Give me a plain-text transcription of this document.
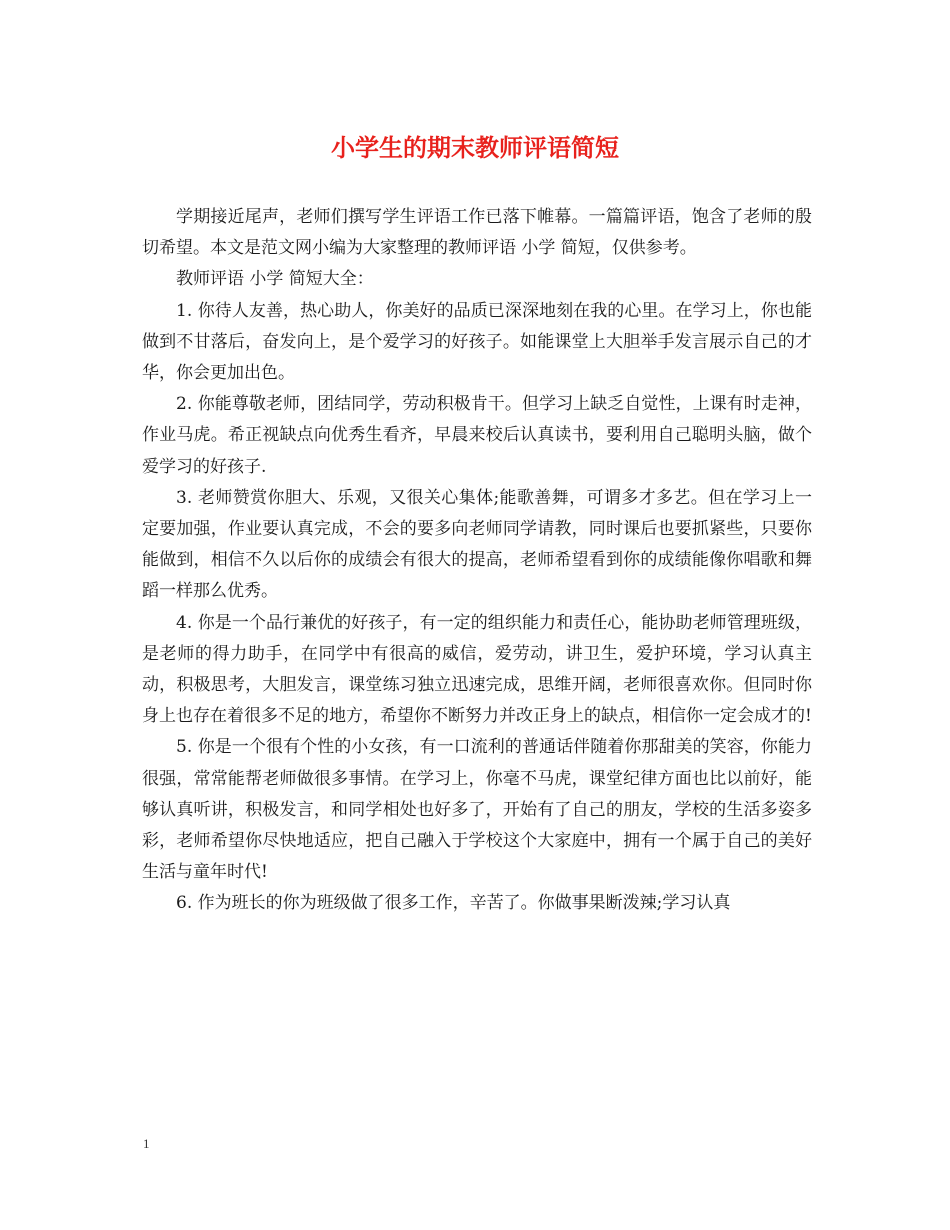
小学生的期末教师评语简短

学期接近尾声，老师们撰写学生评语工作已落下帷幕。一篇篇评语，饱含了老师的殷切希望。本文是范文网小编为大家整理的教师评语 小学 简短，仅供参考。

教师评语 小学 简短大全：

1. 你待人友善，热心助人，你美好的品质已深深地刻在我的心里。在学习上，你也能做到不甘落后，奋发向上，是个爱学习的好孩子。如能课堂上大胆举手发言展示自己的才华，你会更加出色。

2. 你能尊敬老师，团结同学，劳动积极肯干。但学习上缺乏自觉性，上课有时走神，作业马虎。希正视缺点向优秀生看齐，早晨来校后认真读书，要利用自己聪明头脑，做个爱学习的好孩子.

3. 老师赞赏你胆大、乐观，又很关心集体;能歌善舞，可谓多才多艺。但在学习上一定要加强，作业要认真完成，不会的要多向老师同学请教，同时课后也要抓紧些，只要你能做到，相信不久以后你的成绩会有很大的提高，老师希望看到你的成绩能像你唱歌和舞蹈一样那么优秀。

4. 你是一个品行兼优的好孩子，有一定的组织能力和责任心，能协助老师管理班级，是老师的得力助手，在同学中有很高的威信，爱劳动，讲卫生，爱护环境，学习认真主动，积极思考，大胆发言，课堂练习独立迅速完成，思维开阔，老师很喜欢你。但同时你身上也存在着很多不足的地方，希望你不断努力并改正身上的缺点，相信你一定会成才的!

5. 你是一个很有个性的小女孩，有一口流利的普通话伴随着你那甜美的笑容，你能力很强，常常能帮老师做很多事情。在学习上，你毫不马虎，课堂纪律方面也比以前好，能够认真听讲，积极发言，和同学相处也好多了，开始有了自己的朋友，学校的生活多姿多彩，老师希望你尽快地适应，把自己融入于学校这个大家庭中，拥有一个属于自己的美好生活与童年时代!

6. 作为班长的你为班级做了很多工作，辛苦了。你做事果断泼辣;学习认真

1
